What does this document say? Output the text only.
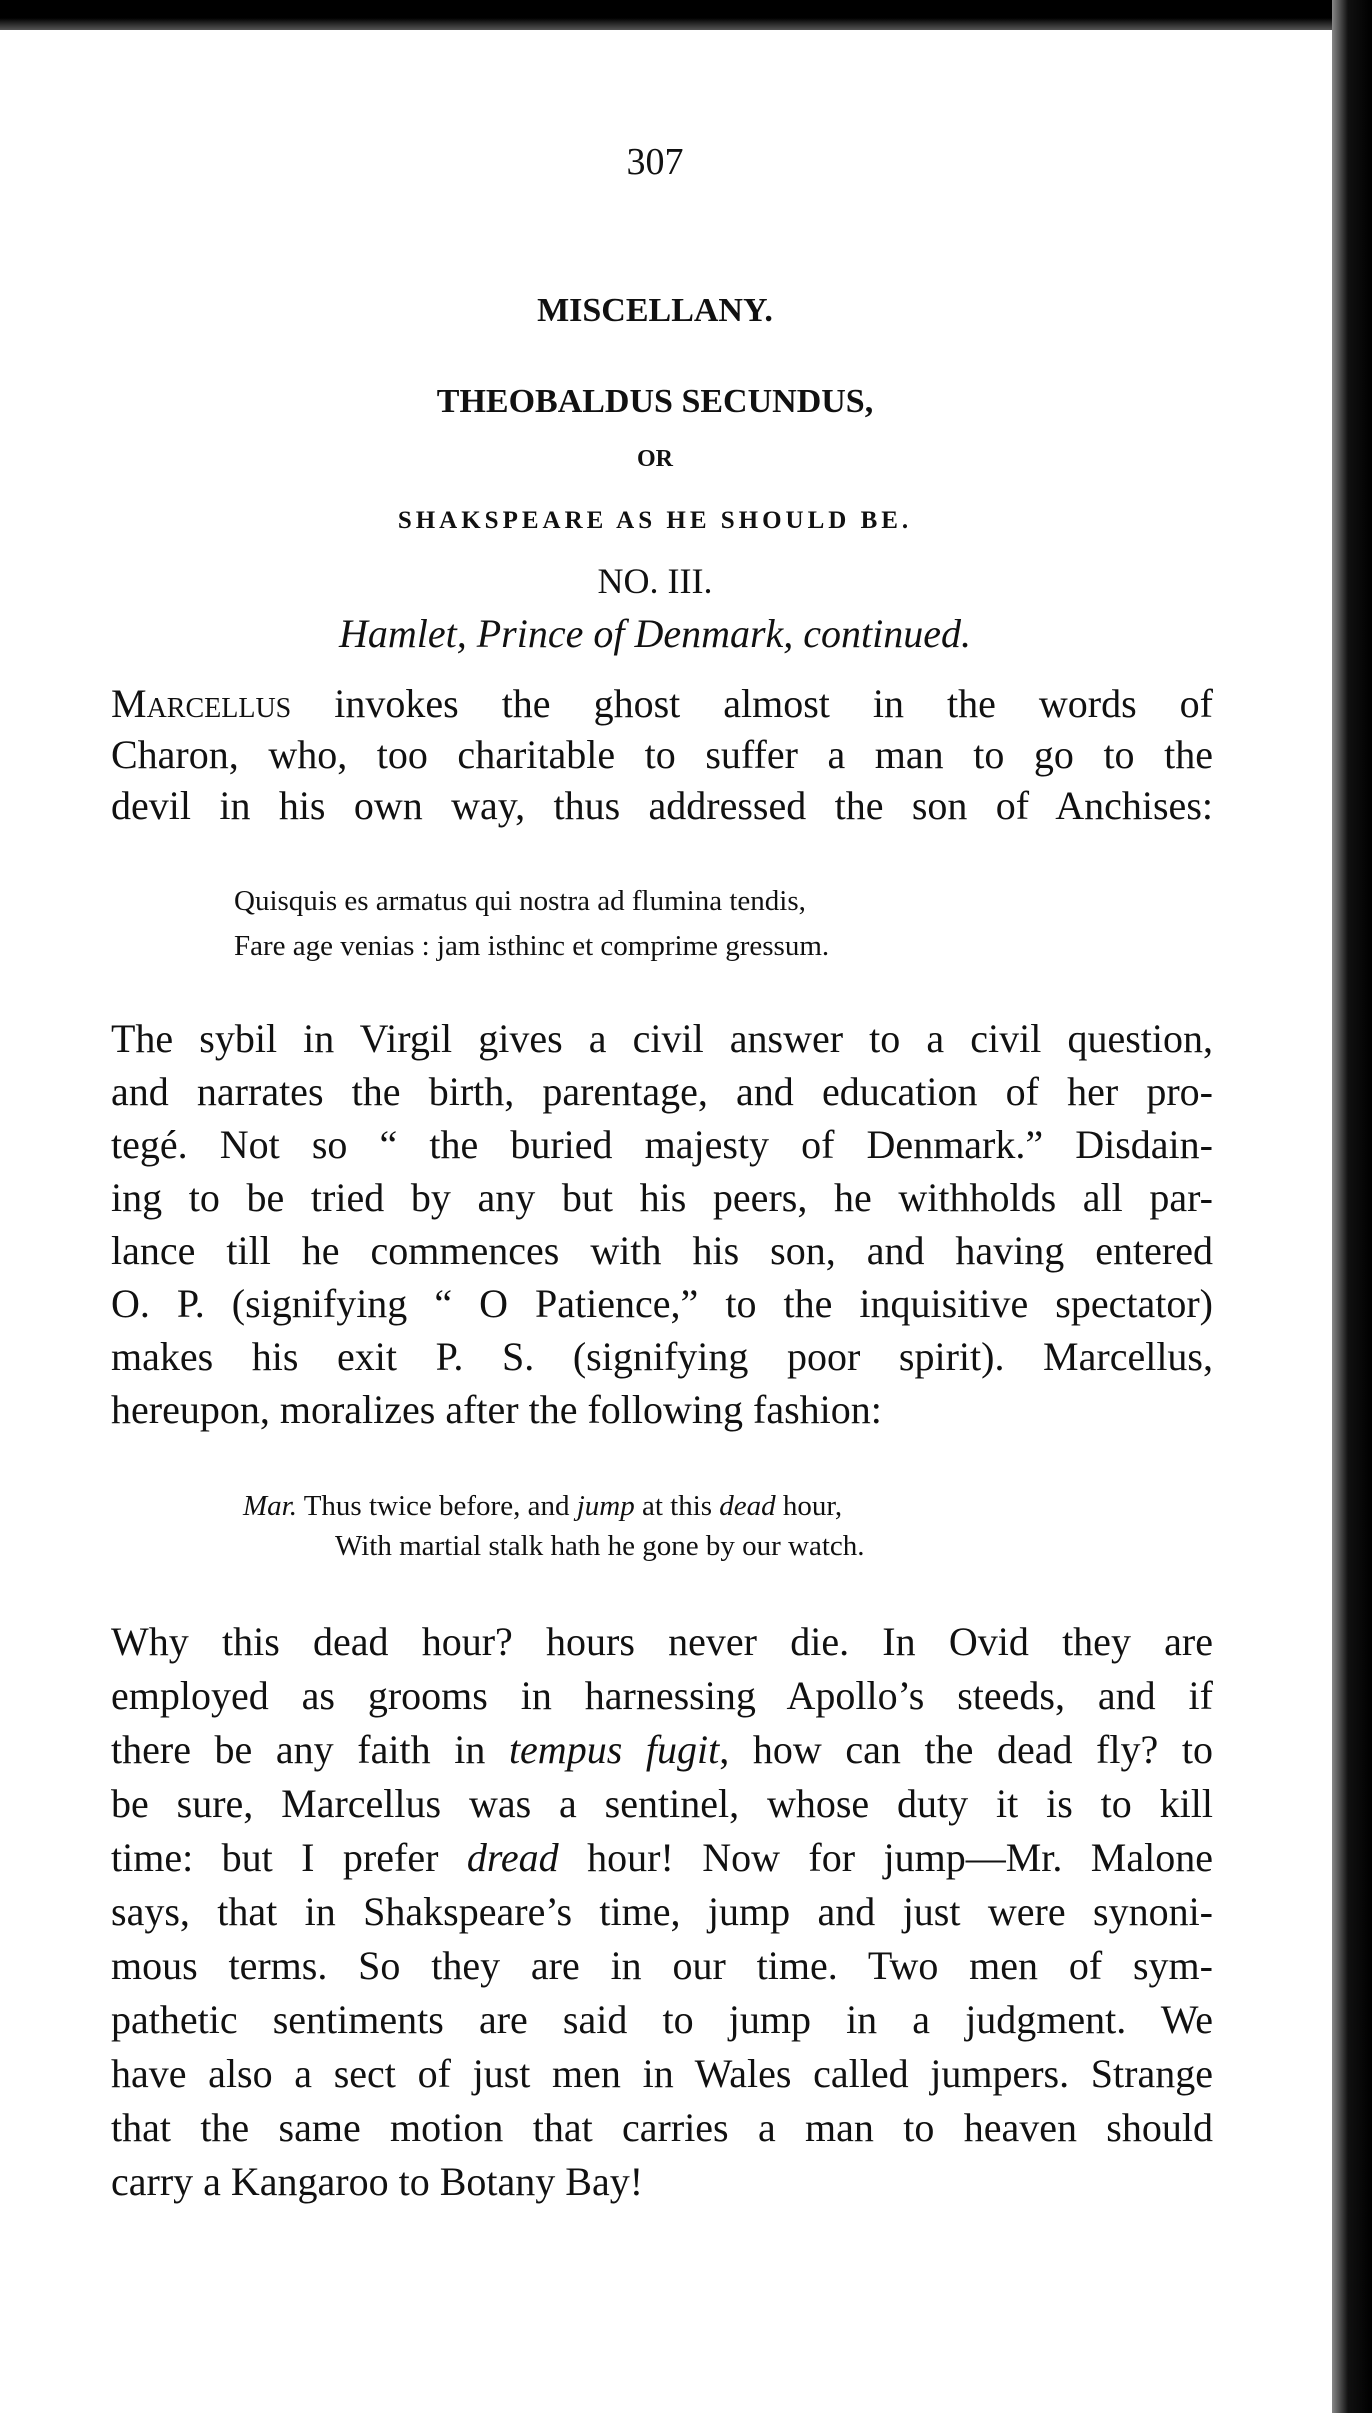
307
MISCELLANY.
THEOBALDUS SECUNDUS,
OR
SHAKSPEARE AS HE SHOULD BE.
NO. III.
Hamlet, Prince of Denmark, continued.
Marcellus invokes the ghost almost in the words of
Charon, who, too charitable to suffer a man to go to the
devil in his own way, thus addressed the son of Anchises:
Quisquis es armatus qui nostra ad flumina tendis,
Fare age venias : jam isthinc et comprime gressum.
The sybil in Virgil gives a civil answer to a civil question,
and narrates the birth, parentage, and education of her pro-
tegé. Not so “ the buried majesty of Denmark.” Disdain-
ing to be tried by any but his peers, he withholds all par-
lance till he commences with his son, and having entered
O. P. (signifying “ O Patience,” to the inquisitive spectator)
makes his exit P. S. (signifying poor spirit). Marcellus,
hereupon, moralizes after the following fashion:
Mar. Thus twice before, and jump at this dead hour,
With martial stalk hath he gone by our watch.
Why this dead hour? hours never die. In Ovid they are
employed as grooms in harnessing Apollo’s steeds, and if
there be any faith in tempus fugit, how can the dead fly? to
be sure, Marcellus was a sentinel, whose duty it is to kill
time: but I prefer dread hour! Now for jump—Mr. Malone
says, that in Shakspeare’s time, jump and just were synoni-
mous terms. So they are in our time. Two men of sym-
pathetic sentiments are said to jump in a judgment. We
have also a sect of just men in Wales called jumpers. Strange
that the same motion that carries a man to heaven should
carry a Kangaroo to Botany Bay!
